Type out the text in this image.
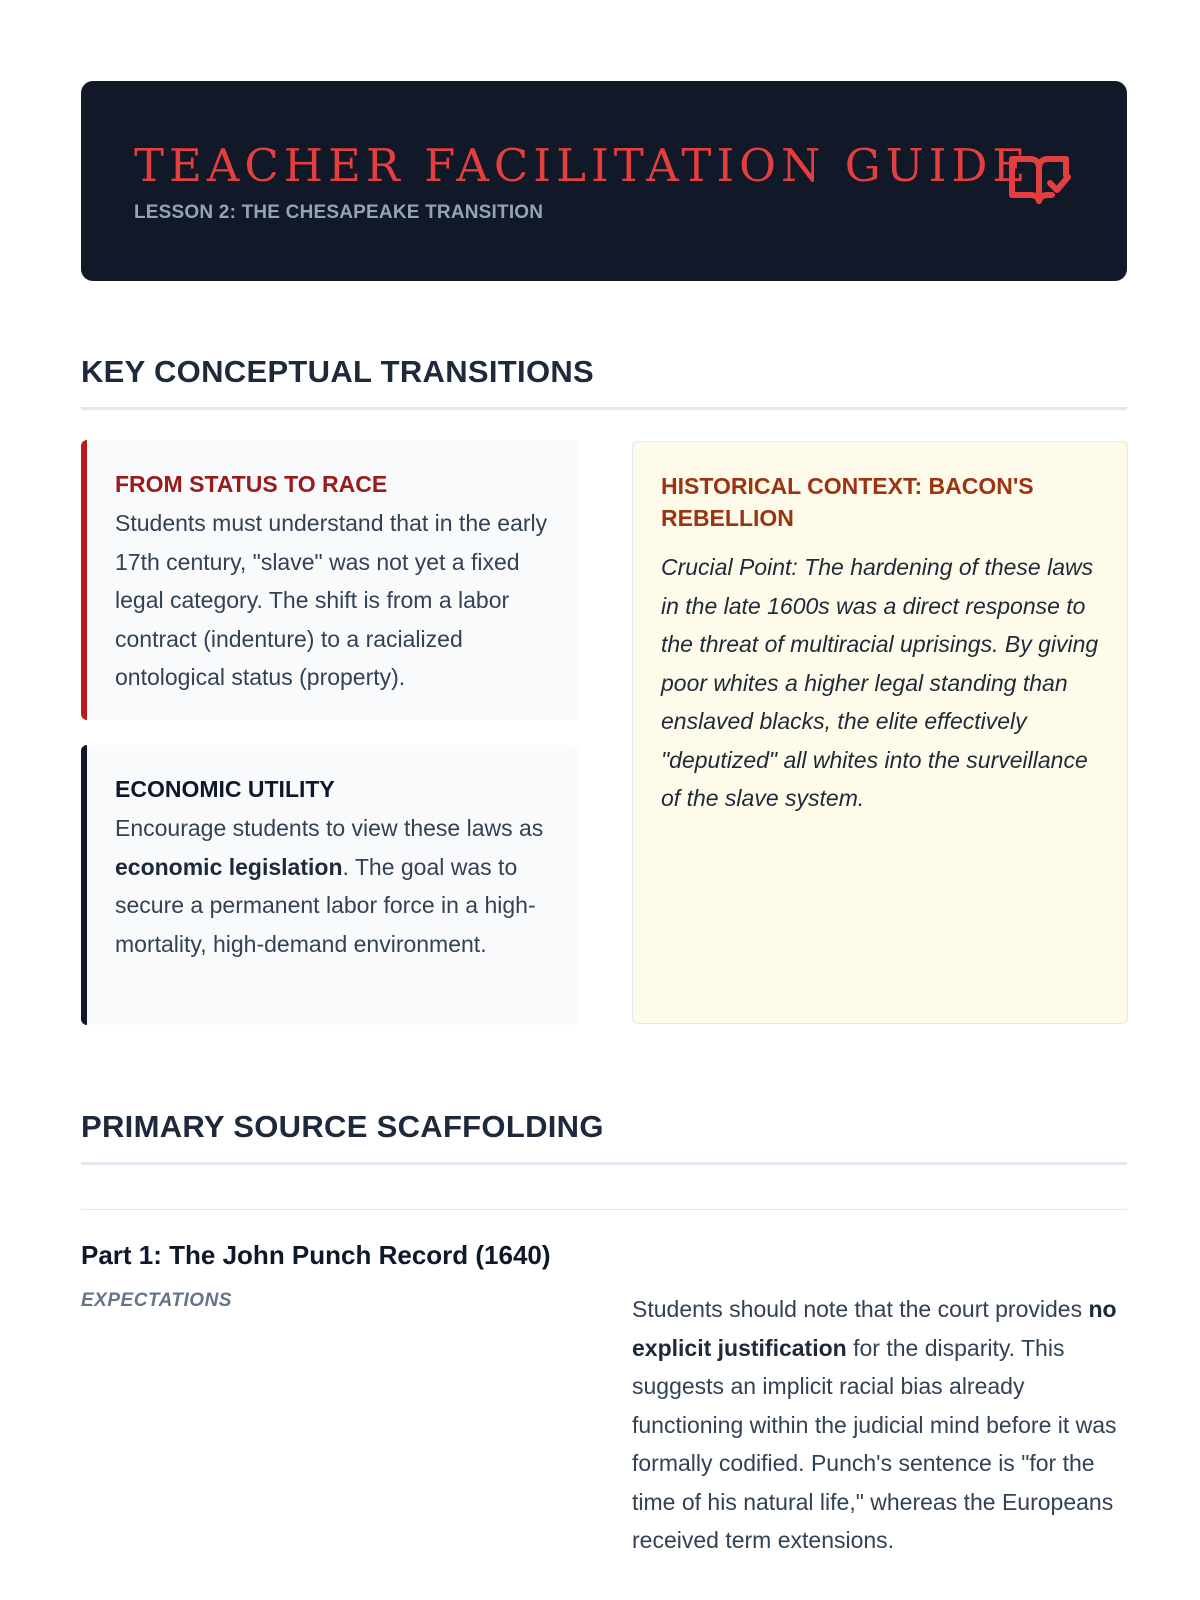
TEACHER FACILITATION GUIDE
LESSON 2: THE CHESAPEAKE TRANSITION
KEY CONCEPTUAL TRANSITIONS
FROM STATUS TO RACE

Students must understand that in the early 17th century, "slave" was not yet a fixed legal category. The shift is from a labor contract (indenture) to a racialized ontological status (property).

ECONOMIC UTILITY

Encourage students to view these laws as economic legislation. The goal was to secure a permanent labor force in a high-mortality, high-demand environment.

HISTORICAL CONTEXT: BACON'S REBELLION

Crucial Point: The hardening of these laws in the late 1600s was a direct response to the threat of multiracial uprisings. By giving poor whites a higher legal standing than enslaved blacks, the elite effectively "deputized" all whites into the surveillance of the slave system.

PRIMARY SOURCE SCAFFOLDING
Part 1: The John Punch Record (1640)
EXPECTATIONS	Students should note that the court provides no explicit justification for the disparity. This suggests an implicit racial bias already functioning within the judicial mind before it was formally codified. Punch's sentence is "for the time of his natural life," whereas the Europeans received term extensions.
